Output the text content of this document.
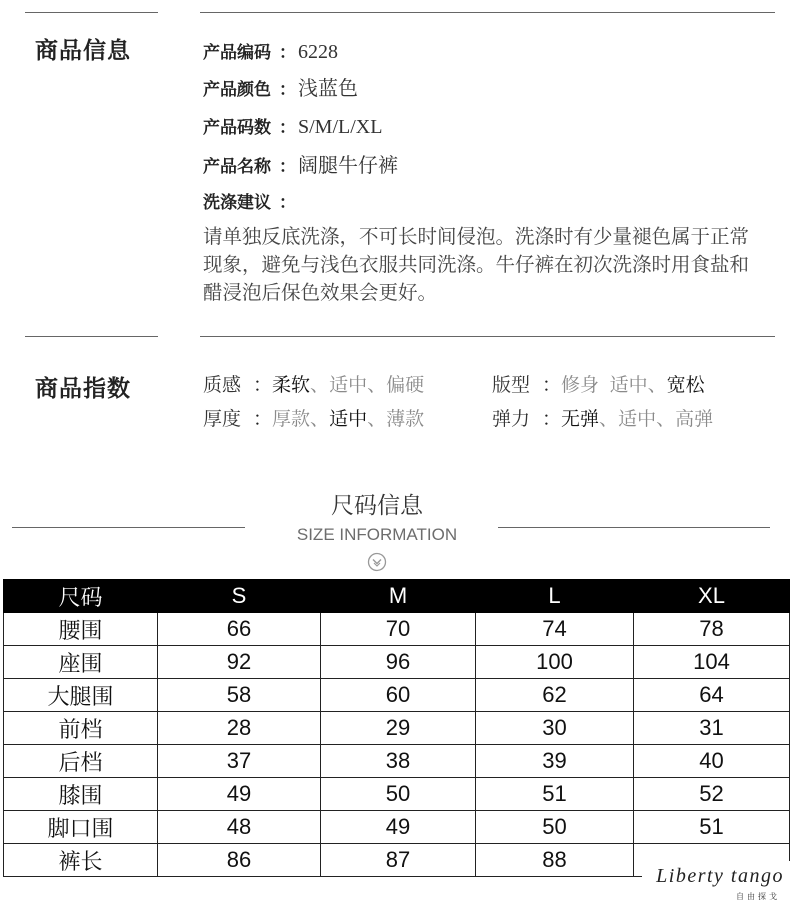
商品信息	产品编码 ： 6228
产品颜色 ： 浅蓝色
产品码数 ： S/M/L/XL
产品名称 ： 阔腿牛仔裤
洗涤建议 ：
请单独反底洗涤，不可长时间侵泡。洗涤时有少量褪色属于正常
现象，避免与浅色衣服共同洗涤。牛仔裤在初次洗涤时用食盐和
醋浸泡后保色效果会更好。
商品指数	质感 ：柔软、适中、偏硬	版型 ：修身 适中、宽松
厚度 ：厚款、适中、薄款	弹力 ：无弹、适中、高弹
尺码信息
SIZE INFORMATION
尺码	S	M	L	XL
腰围	66	70	74	78
座围	92	96	100	104
大腿围	58	60	62	64
前档	28	29	30	31
后档	37	38	39	40
膝围	49	50	51	52
脚口围	48	49	50	51
裤长	86	87	88	
Liberty tango
自由探戈
